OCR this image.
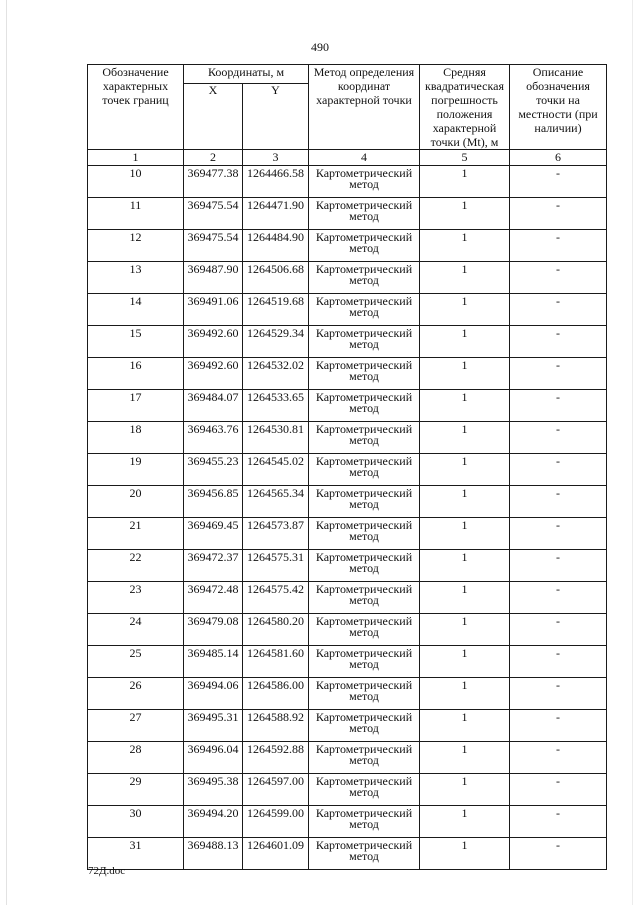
490
Обозначение характерных точек границ	Координаты, м		Метод определения координат характерной точки	Средняя квадратическая погрешность положения характерной точки (Mt), м	Описание обозначения точки на местности (при наличии)
	X	Y			
1	2	3	4	5	6
10	369477.38	1264466.58	Картометрический метод	1	-
11	369475.54	1264471.90	Картометрический метод	1	-
12	369475.54	1264484.90	Картометрический метод	1	-
13	369487.90	1264506.68	Картометрический метод	1	-
14	369491.06	1264519.68	Картометрический метод	1	-
15	369492.60	1264529.34	Картометрический метод	1	-
16	369492.60	1264532.02	Картометрический метод	1	-
17	369484.07	1264533.65	Картометрический метод	1	-
18	369463.76	1264530.81	Картометрический метод	1	-
19	369455.23	1264545.02	Картометрический метод	1	-
20	369456.85	1264565.34	Картометрический метод	1	-
21	369469.45	1264573.87	Картометрический метод	1	-
22	369472.37	1264575.31	Картометрический метод	1	-
23	369472.48	1264575.42	Картометрический метод	1	-
24	369479.08	1264580.20	Картометрический метод	1	-
25	369485.14	1264581.60	Картометрический метод	1	-
26	369494.06	1264586.00	Картометрический метод	1	-
27	369495.31	1264588.92	Картометрический метод	1	-
28	369496.04	1264592.88	Картометрический метод	1	-
29	369495.38	1264597.00	Картометрический метод	1	-
30	369494.20	1264599.00	Картометрический метод	1	-
31	369488.13	1264601.09	Картометрический метод	1	-
72Д.doc
